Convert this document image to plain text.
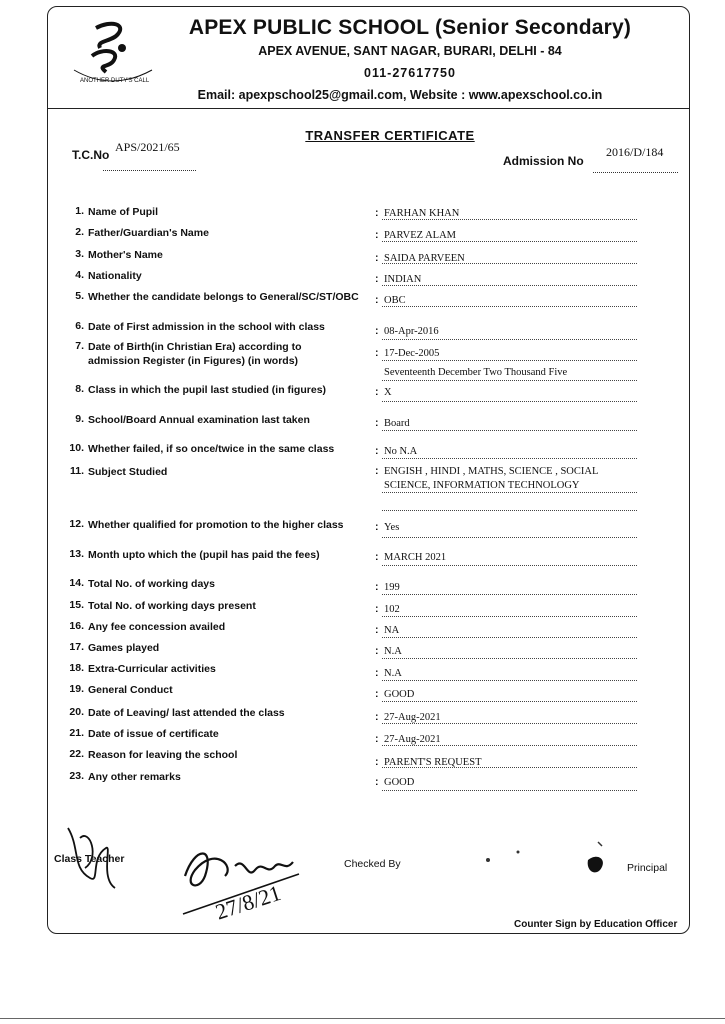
ANOTHER DUTY'S CALL
APEX PUBLIC SCHOOL (Senior Secondary)
APEX AVENUE, SANT NAGAR, BURARI, DELHI - 84
011-27617750
Email: apexpschool25@gmail.com, Website : www.apexschool.co.in
TRANSFER CERTIFICATE
T.C.No
APS/2021/65
Admission No
2016/D/184
1. Name of Pupil	: FARHAN KHAN
2. Father/Guardian's Name	: PARVEZ ALAM
3. Mother's Name	: SAIDA PARVEEN
4. Nationality	: INDIAN
5. Whether the candidate belongs to General/SC/ST/OBC	: OBC
6. Date of First admission in the school with class	: 08-Apr-2016
7. Date of Birth(in Christian Era) according to admission Register (in Figures) (in words)
: 17-Dec-2005
Seventeenth December Two Thousand Five
8. Class in which the pupil last studied (in figures)	: X
9. School/Board Annual examination last taken	: Board
10. Whether failed, if so once/twice in the same class	: No N.A
11. Subject Studied	: ENGISH , HINDI , MATHS, SCIENCE , SOCIAL SCIENCE, INFORMATION TECHNOLOGY
12. Whether qualified for promotion to the higher class	: Yes
13. Month upto which the (pupil has paid the fees)	: MARCH 2021
14. Total No. of working days	: 199
15. Total No. of working days present	: 102
16. Any fee concession availed	: NA
17. Games played	: N.A
18. Extra-Curricular activities	: N.A
19. General Conduct	: GOOD
20. Date of Leaving/ last attended the class	: 27-Aug-2021
21. Date of issue of certificate	: 27-Aug-2021
22. Reason for leaving the school
: PARENT'S REQUEST
23. Any other remarks	: GOOD
Class Teacher
27/8/21
Checked By	Principal
Counter Sign by Education Officer
